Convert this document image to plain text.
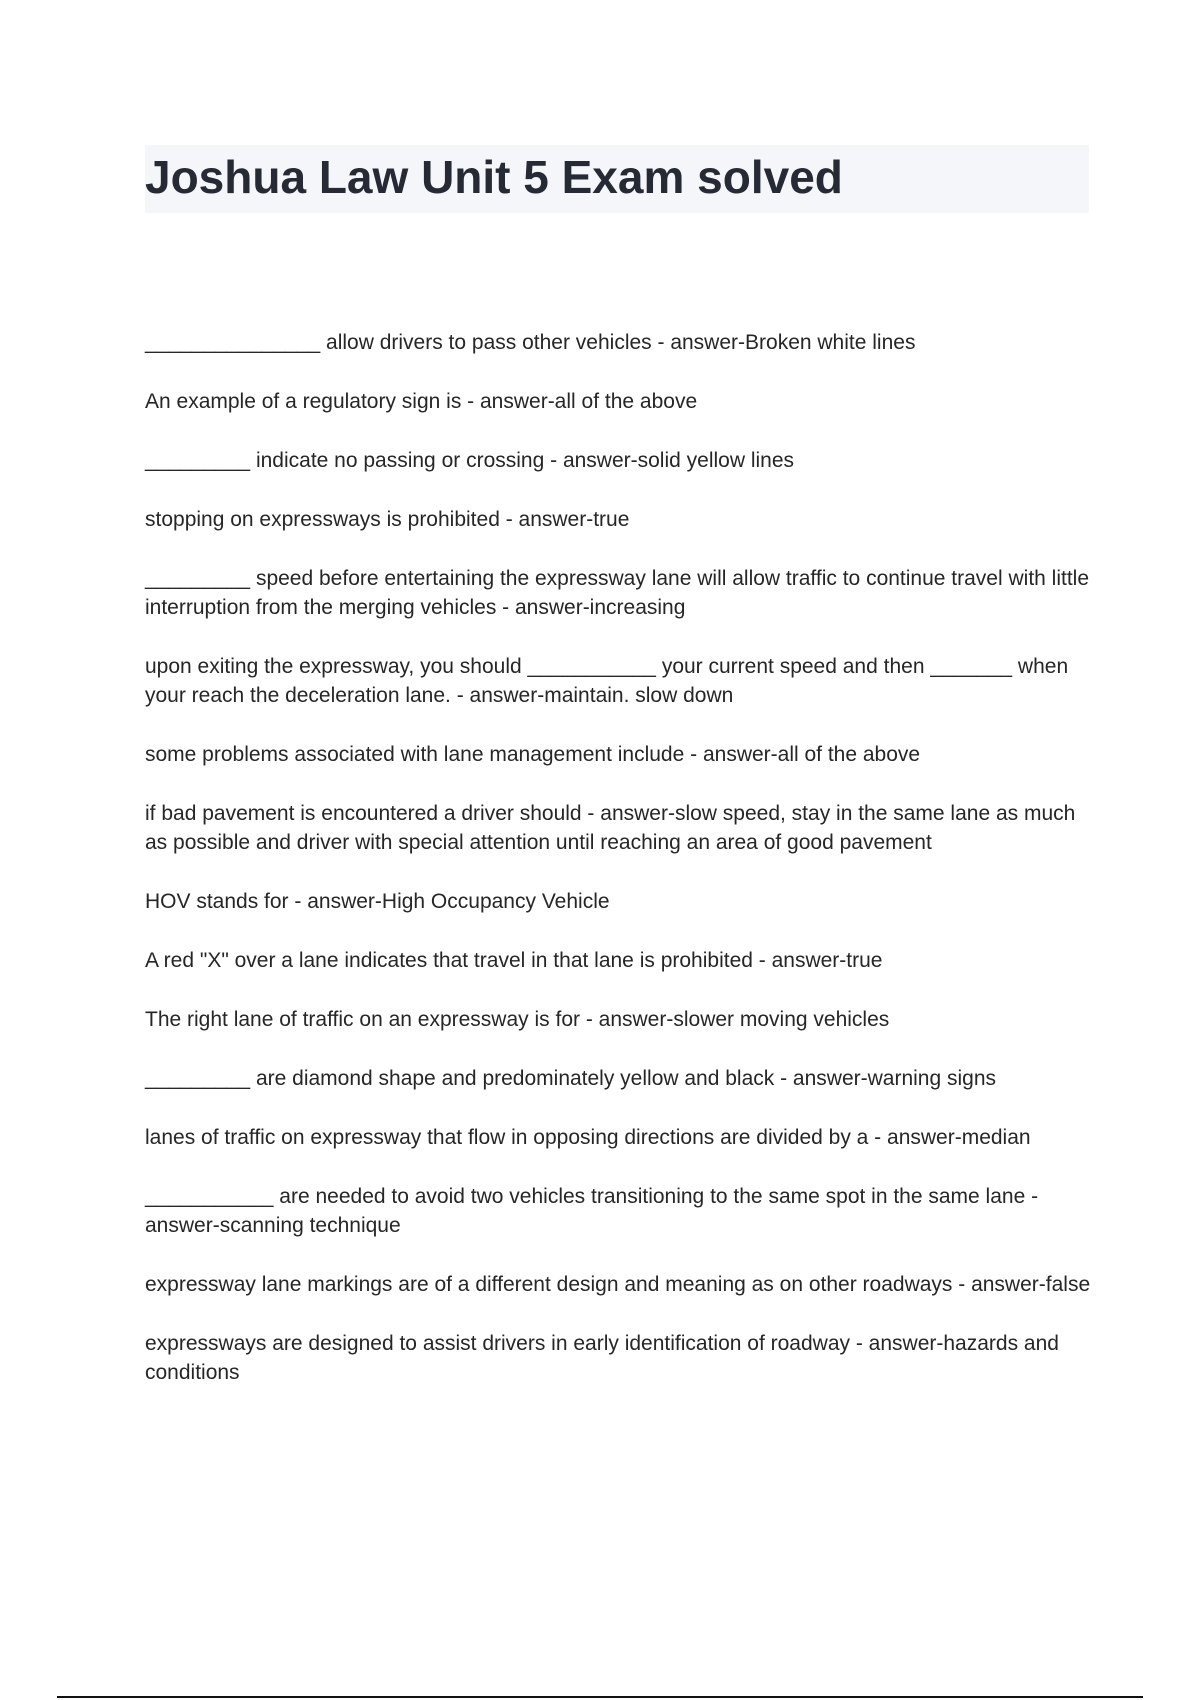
Joshua Law Unit 5 Exam solved

_______________ allow drivers to pass other vehicles - answer-Broken white lines

An example of a regulatory sign is - answer-all of the above

_________ indicate no passing or crossing - answer-solid yellow lines

stopping on expressways is prohibited - answer-true

_________ speed before entertaining the expressway lane will allow traffic to continue travel with little interruption from the merging vehicles - answer-increasing

upon exiting the expressway, you should ___________ your current speed and then _______ when your reach the deceleration lane. - answer-maintain. slow down

some problems associated with lane management include - answer-all of the above

if bad pavement is encountered a driver should - answer-slow speed, stay in the same lane as much as possible and driver with special attention until reaching an area of good pavement

HOV stands for - answer-High Occupancy Vehicle

A red "X" over a lane indicates that travel in that lane is prohibited - answer-true

The right lane of traffic on an expressway is for - answer-slower moving vehicles

_________ are diamond shape and predominately yellow and black - answer-warning signs

lanes of traffic on expressway that flow in opposing directions are divided by a - answer-median

___________ are needed to avoid two vehicles transitioning to the same spot in the same lane - answer-scanning technique

expressway lane markings are of a different design and meaning as on other roadways - answer-false

expressways are designed to assist drivers in early identification of roadway - answer-hazards and conditions
